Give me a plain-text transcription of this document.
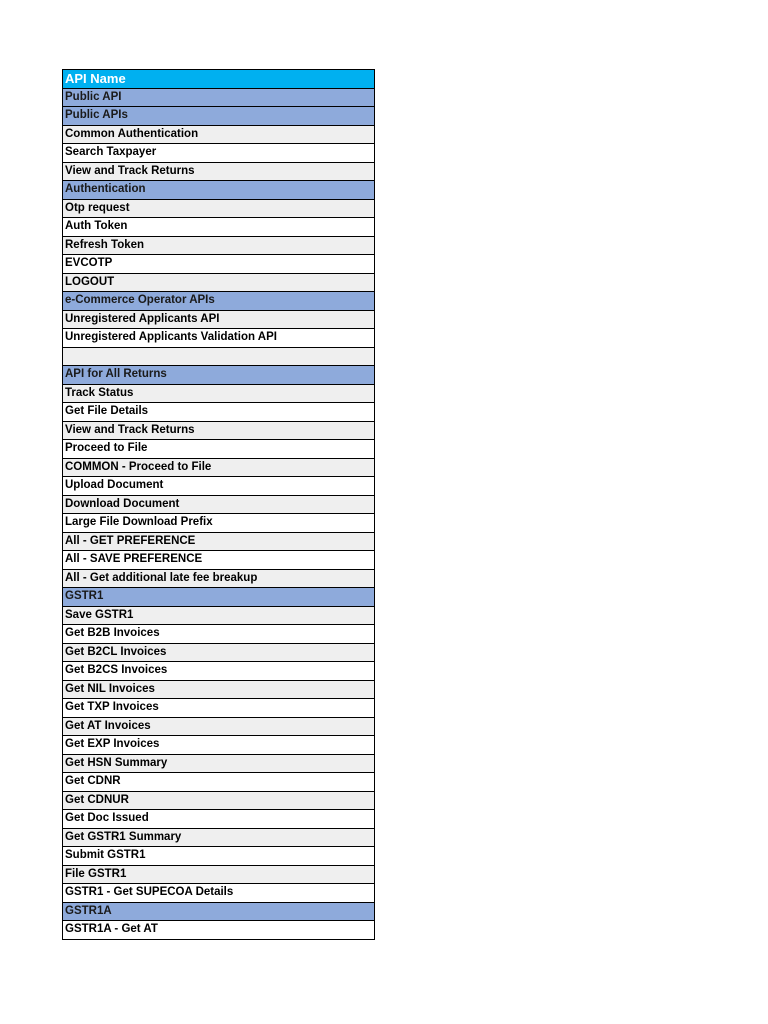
API Name
Public API
Public APIs
Common Authentication
Search Taxpayer
View and Track Returns
Authentication
Otp request
Auth Token
Refresh Token
EVCOTP
LOGOUT
e-Commerce Operator APIs
Unregistered Applicants API
Unregistered Applicants Validation API
API for All Returns
Track Status
Get File Details
View and Track Returns
Proceed to File
COMMON - Proceed to File
Upload Document
Download Document
Large File Download Prefix
All - GET PREFERENCE
All - SAVE PREFERENCE
All - Get additional late fee breakup
GSTR1
Save GSTR1
Get B2B Invoices
Get B2CL Invoices
Get B2CS Invoices
Get NIL Invoices
Get TXP Invoices
Get AT Invoices
Get EXP Invoices
Get HSN Summary
Get CDNR
Get CDNUR
Get Doc Issued
Get GSTR1 Summary
Submit GSTR1
File GSTR1
GSTR1 - Get SUPECOA Details
GSTR1A
GSTR1A - Get AT
